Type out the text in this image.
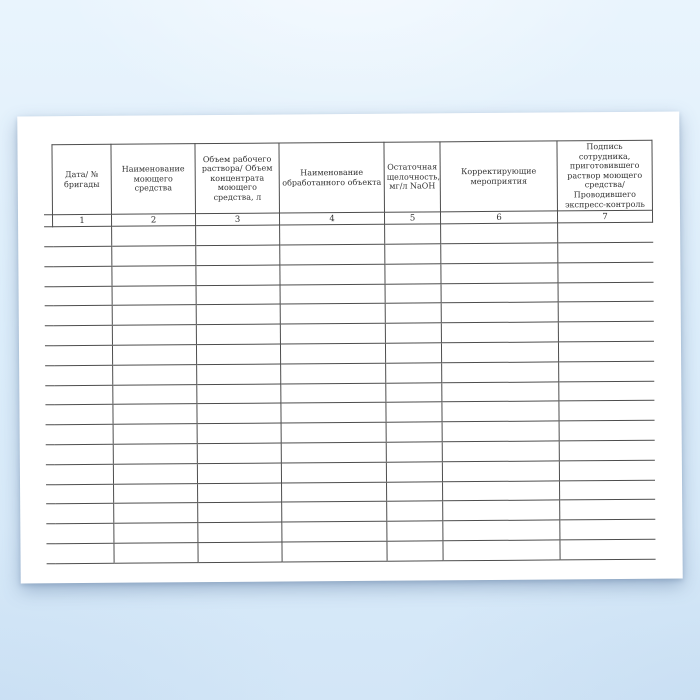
Дата/ № бригады	Наименование моющего средства	Объем рабочего раствора/ Объем концентрата моющего средства, л	Наименование обработанного объекта	Остаточная щелочность, мг/л NaOH	Корректирующие мероприятия	Подпись сотрудника, приготовившего раствор моющего средства/ Проводившего экспресс-контроль
1	2	3	4	5	6	7
